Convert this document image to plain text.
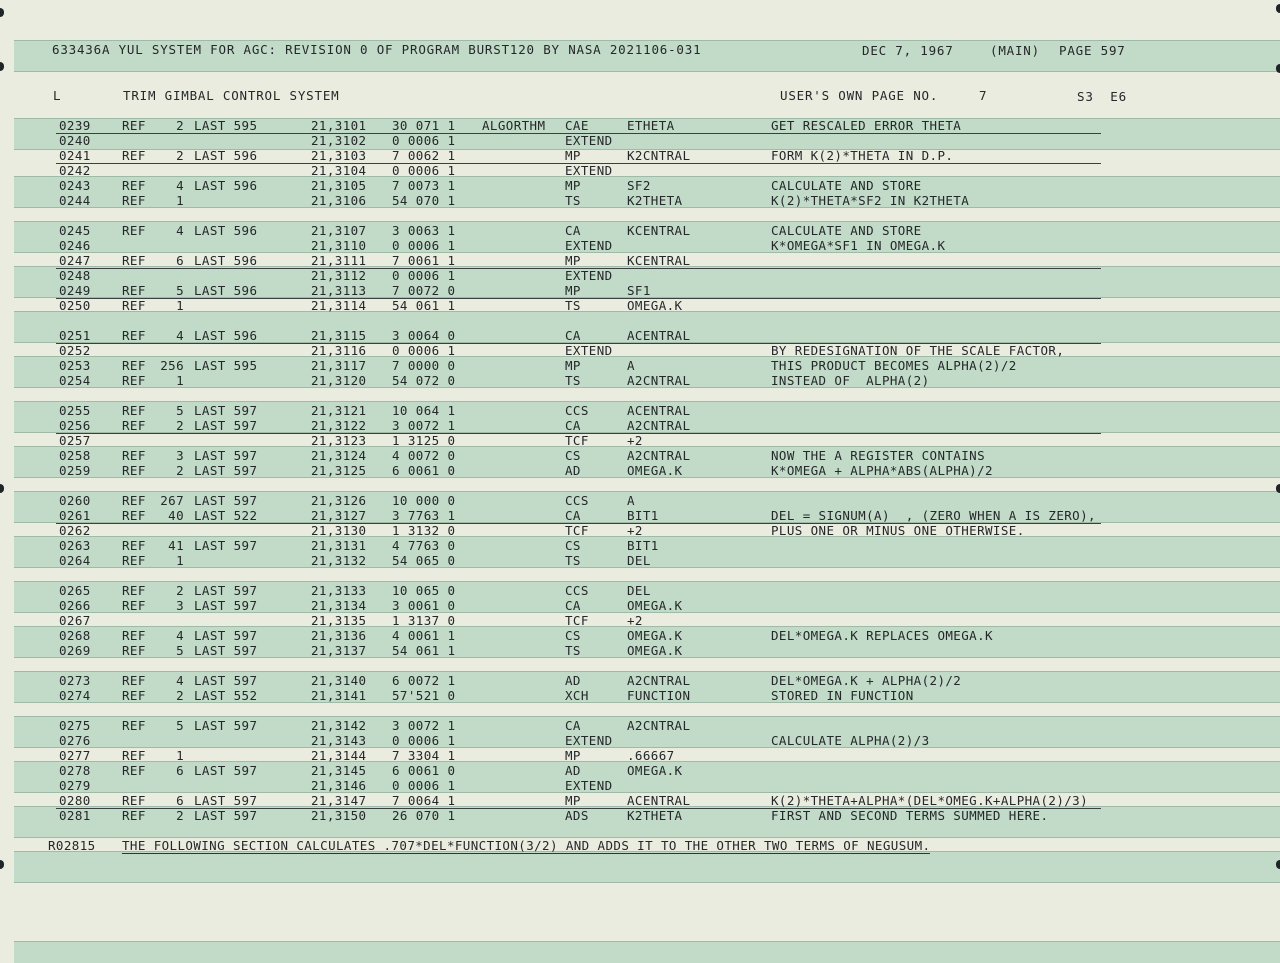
633436A YUL SYSTEM FOR AGC: REVISION 0 OF PROGRAM BURST120 BY NASA 2021106-031	DEC 7, 1967	(MAIN) PAGE 597
L	TRIM GIMBAL CONTROL SYSTEM	USER'S OWN PAGE NO.	7	S3  E6
0239	REF	2 LAST 595	21,3101 30 071 1 ALGORTHM CAE	ETHETA	GET RESCALED ERROR THETA
0240	21,3102 0 0006 1	EXTEND
0241	REF	2 LAST 596	21,3103 7 0062 1	MP	K2CNTRAL	FORM K(2)*THETA IN D.P.
0242	21,3104 0 0006 1	EXTEND
0243	REF	4 LAST 596	21,3105 7 0073 1	MP	SF2	CALCULATE AND STORE
0244	REF	1	21,3106 54 070 1	TS	K2THETA	K(2)*THETA*SF2 IN K2THETA
0245	REF	4 LAST 596	21,3107 3 0063 1	CA	KCENTRAL	CALCULATE AND STORE
0246	21,3110 0 0006 1	EXTEND	K*OMEGA*SF1 IN OMEGA.K
0247	REF	6 LAST 596	21,3111 7 0061 1	MP	KCENTRAL
0248	21,3112 0 0006 1	EXTEND
0249	REF	5 LAST 596	21,3113 7 0072 0	MP	SF1
0250	REF	1	21,3114 54 061 1	TS	OMEGA.K
0251	REF	4 LAST 596	21,3115 3 0064 0	CA	ACENTRAL
0252	21,3116 0 0006 1	EXTEND	BY REDESIGNATION OF THE SCALE FACTOR,
0253	REF 256 LAST 595	21,3117 7 0000 0	MP	A	THIS PRODUCT BECOMES ALPHA(2)/2
0254	REF	1	21,3120 54 072 0	TS	A2CNTRAL	INSTEAD OF  ALPHA(2)
0255	REF	5 LAST 597	21,3121 10 064 1	CCS	ACENTRAL
0256	REF	2 LAST 597	21,3122 3 0072 1	CA	A2CNTRAL
0257	21,3123 1 3125 0	TCF	+2
0258	REF	3 LAST 597	21,3124 4 0072 0	CS	A2CNTRAL	NOW THE A REGISTER CONTAINS
0259	REF	2 LAST 597	21,3125 6 0061 0	AD	OMEGA.K	K*OMEGA + ALPHA*ABS(ALPHA)/2
0260	REF 267 LAST 597	21,3126 10 000 0	CCS	A
0261	REF	40 LAST 522	21,3127 3 7763 1	CA	BIT1	DEL = SIGNUM(A)  , (ZERO WHEN A IS ZERO),
0262	21,3130 1 3132 0	TCF	+2	PLUS ONE OR MINUS ONE OTHERWISE.
0263	REF	41 LAST 597	21,3131 4 7763 0	CS	BIT1
0264	REF	1	21,3132 54 065 0	TS	DEL
0265	REF	2 LAST 597	21,3133 10 065 0	CCS	DEL
0266	REF	3 LAST 597	21,3134 3 0061 0	CA	OMEGA.K
0267	21,3135 1 3137 0	TCF	+2
0268	REF	4 LAST 597	21,3136 4 0061 1	CS	OMEGA.K	DEL*OMEGA.K REPLACES OMEGA.K
0269	REF	5 LAST 597	21,3137 54 061 1	TS	OMEGA.K
0273	REF	4 LAST 597	21,3140 6 0072 1	AD	A2CNTRAL	DEL*OMEGA.K + ALPHA(2)/2
0274	REF	2 LAST 552	21,3141 57'521 0	XCH	FUNCTION	STORED IN FUNCTION
0275	REF	5 LAST 597	21,3142 3 0072 1	CA	A2CNTRAL
0276	21,3143 0 0006 1	EXTEND	CALCULATE ALPHA(2)/3
0277	REF	1	21,3144 7 3304 1	MP	.66667
0278	REF	6 LAST 597	21,3145 6 0061 0	AD	OMEGA.K
0279	21,3146 0 0006 1	EXTEND
0280	REF	6 LAST 597	21,3147 7 0064 1	MP	ACENTRAL	K(2)*THETA+ALPHA*(DEL*OMEG.K+ALPHA(2)/3)
0281	REF	2 LAST 597	21,3150 26 070 1	ADS	K2THETA	FIRST AND SECOND TERMS SUMMED HERE.
R02815 THE FOLLOWING SECTION CALCULATES .707*DEL*FUNCTION(3/2) AND ADDS IT TO THE OTHER TWO TERMS OF NEGUSUM.
